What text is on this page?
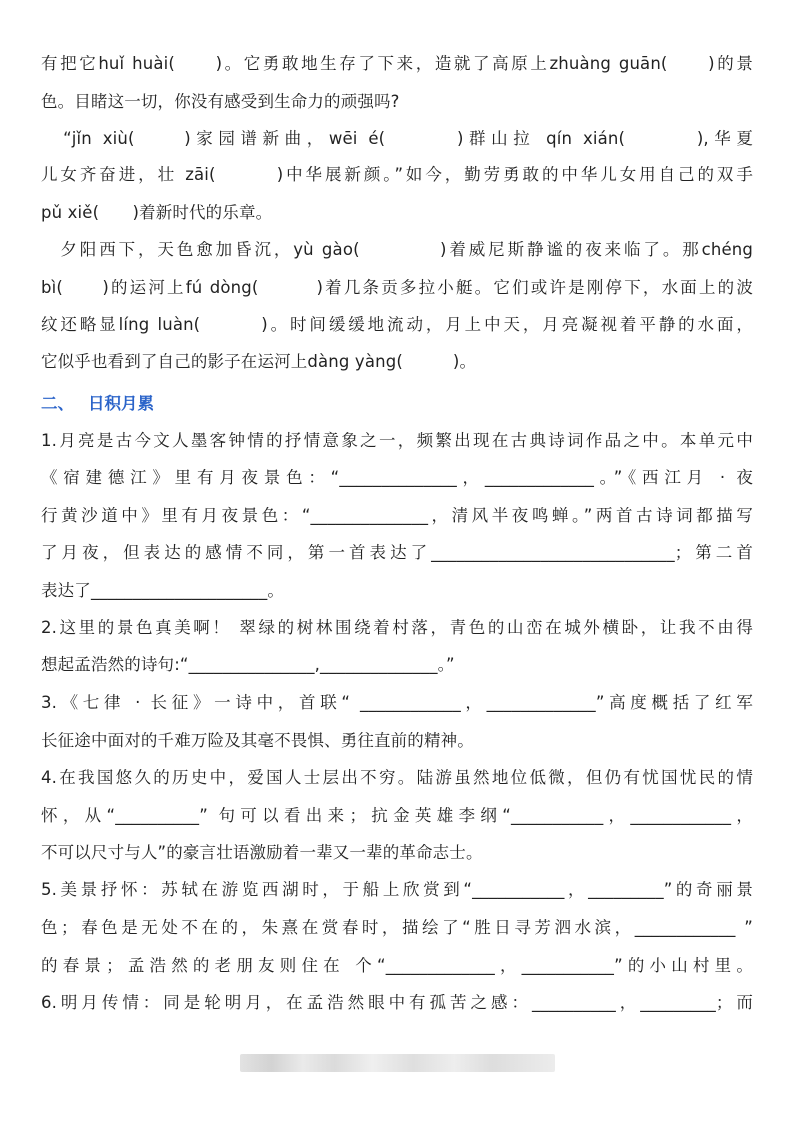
有把它huǐ huài(　　)。它勇敢地生存了下来，造就了高原上zhuàng guān(　　)的景
色。目睹这一切，你没有感受到生命力的顽强吗?
　“jǐn xiù(　　)家园谱新曲，wēi é(　　　)群山拉 qín xián(　　　),华夏
儿女齐奋进，壮 zāi(　　　)中华展新颜。”如今，勤劳勇敢的中华儿女用自己的双手
pǔ xiě(　　)着新时代的乐章。
　夕阳西下，天色愈加昏沉，yù gào(　　　　)着威尼斯静谧的夜来临了。那chéng
bì(　　)的运河上fú dòng(　　　)着几条贡多拉小艇。它们或许是刚停下，水面上的波
纹还略显líng luàn(　　　)。时间缓缓地流动，月上中天，月亮凝视着平静的水面，
它似乎也看到了自己的影子在运河上dàng yàng(　　　)。
二、 日积月累
1.月亮是古今文人墨客钟情的抒情意象之一，频繁出现在古典诗词作品之中。本单元中
《宿建德江》里有月夜景色：“______________，_____________。”《西江月 · 夜
行黄沙道中》里有月夜景色：“______________，清风半夜鸣蝉。”两首古诗词都描写
了月夜，但表达的感情不同，第一首表达了_____________________________；第二首
表达了_____________________。
2.这里的景色真美啊！ 翠绿的树林围绕着村落，青色的山峦在城外横卧，让我不由得
想起孟浩然的诗句:“_______________,______________。”
3.《七律 · 长征》一诗中，首联“ ____________，_____________”高度概括了红军
长征途中面对的千难万险及其毫不畏惧、勇往直前的精神。
4.在我国悠久的历史中，爱国人士层出不穷。陆游虽然地位低微，但仍有忧国忧民的情
怀，从“__________” 句可以看出来；抗金英雄李纲“___________，____________，
不可以尺寸与人”的豪言壮语激励着一辈又一辈的革命志士。
5.美景抒怀：苏轼在游览西湖时，于船上欣赏到“___________，_________”的奇丽景
色；春色是无处不在的，朱熹在赏春时，描绘了“胜日寻芳泗水滨，____________ ”
的春景；孟浩然的老朋友则住在 个“_____________，___________”的小山村里。
6.明月传情：同是轮明月，在孟浩然眼中有孤苦之感：__________，_________；而
